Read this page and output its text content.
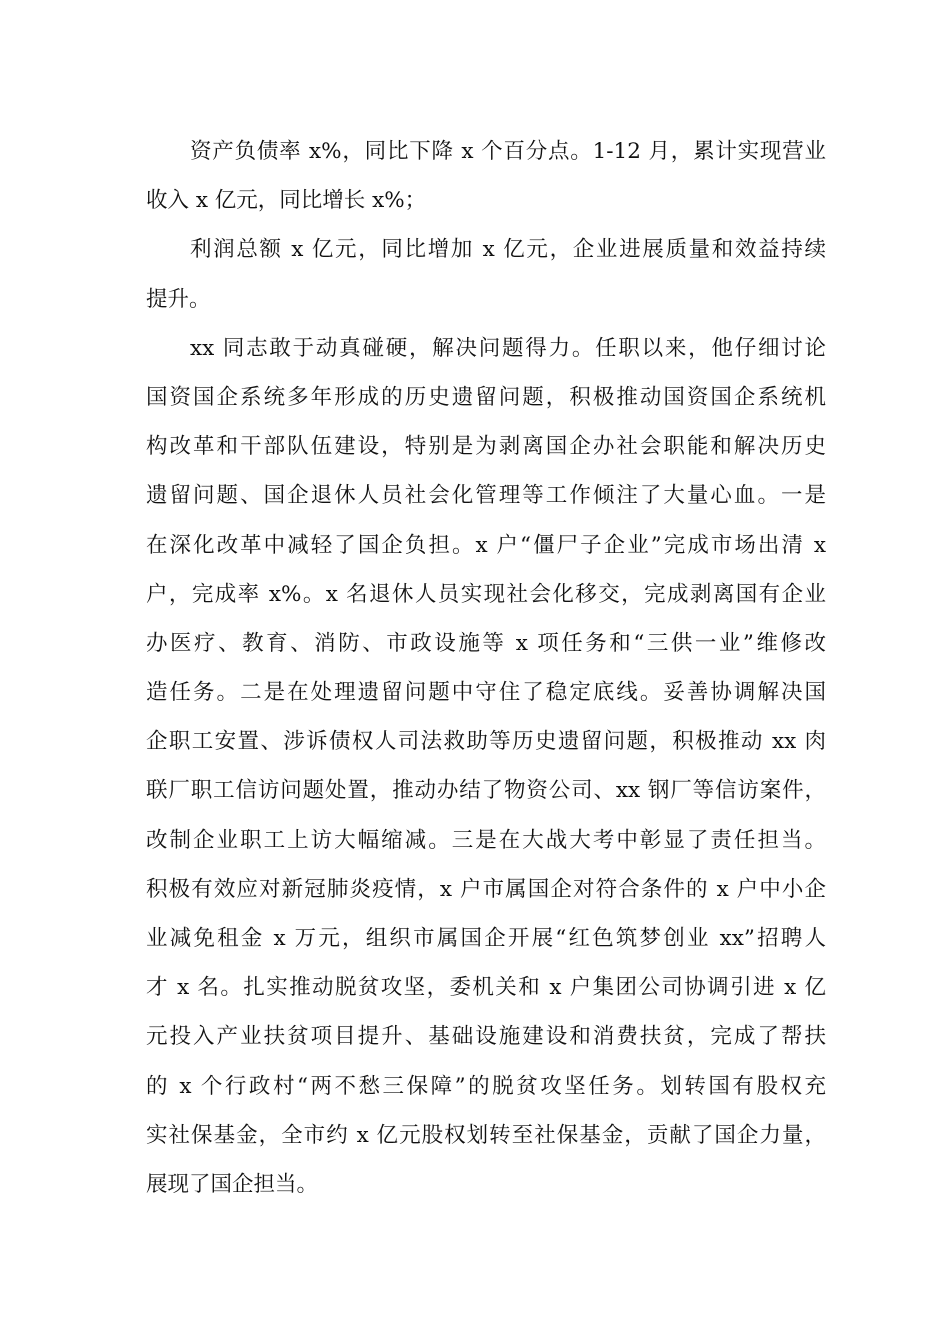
资产负债率 x%，同比下降 x 个百分点。1-12 月，累计实现营业
收入 x 亿元，同比增长 x%；
利润总额 x 亿元，同比增加 x 亿元，企业进展质量和效益持续
提升。
xx 同志敢于动真碰硬，解决问题得力。任职以来，他仔细讨论
国资国企系统多年形成的历史遗留问题，积极推动国资国企系统机
构改革和干部队伍建设，特别是为剥离国企办社会职能和解决历史
遗留问题、国企退休人员社会化管理等工作倾注了大量心血。一是
在深化改革中减轻了国企负担。x 户“僵尸子企业”完成市场出清 x
户，完成率 x%。x 名退休人员实现社会化移交，完成剥离国有企业
办医疗、教育、消防、市政设施等 x 项任务和“三供一业”维修改
造任务。二是在处理遗留问题中守住了稳定底线。妥善协调解决国
企职工安置、涉诉债权人司法救助等历史遗留问题，积极推动 xx 肉
联厂职工信访问题处置，推动办结了物资公司、xx 钢厂等信访案件，
改制企业职工上访大幅缩减。三是在大战大考中彰显了责任担当。
积极有效应对新冠肺炎疫情，x 户市属国企对符合条件的 x 户中小企
业减免租金 x 万元，组织市属国企开展“红色筑梦创业 xx”招聘人
才 x 名。扎实推动脱贫攻坚，委机关和 x 户集团公司协调引进 x 亿
元投入产业扶贫项目提升、基础设施建设和消费扶贫，完成了帮扶
的 x 个行政村“两不愁三保障”的脱贫攻坚任务。划转国有股权充
实社保基金，全市约 x 亿元股权划转至社保基金，贡献了国企力量，
展现了国企担当。
